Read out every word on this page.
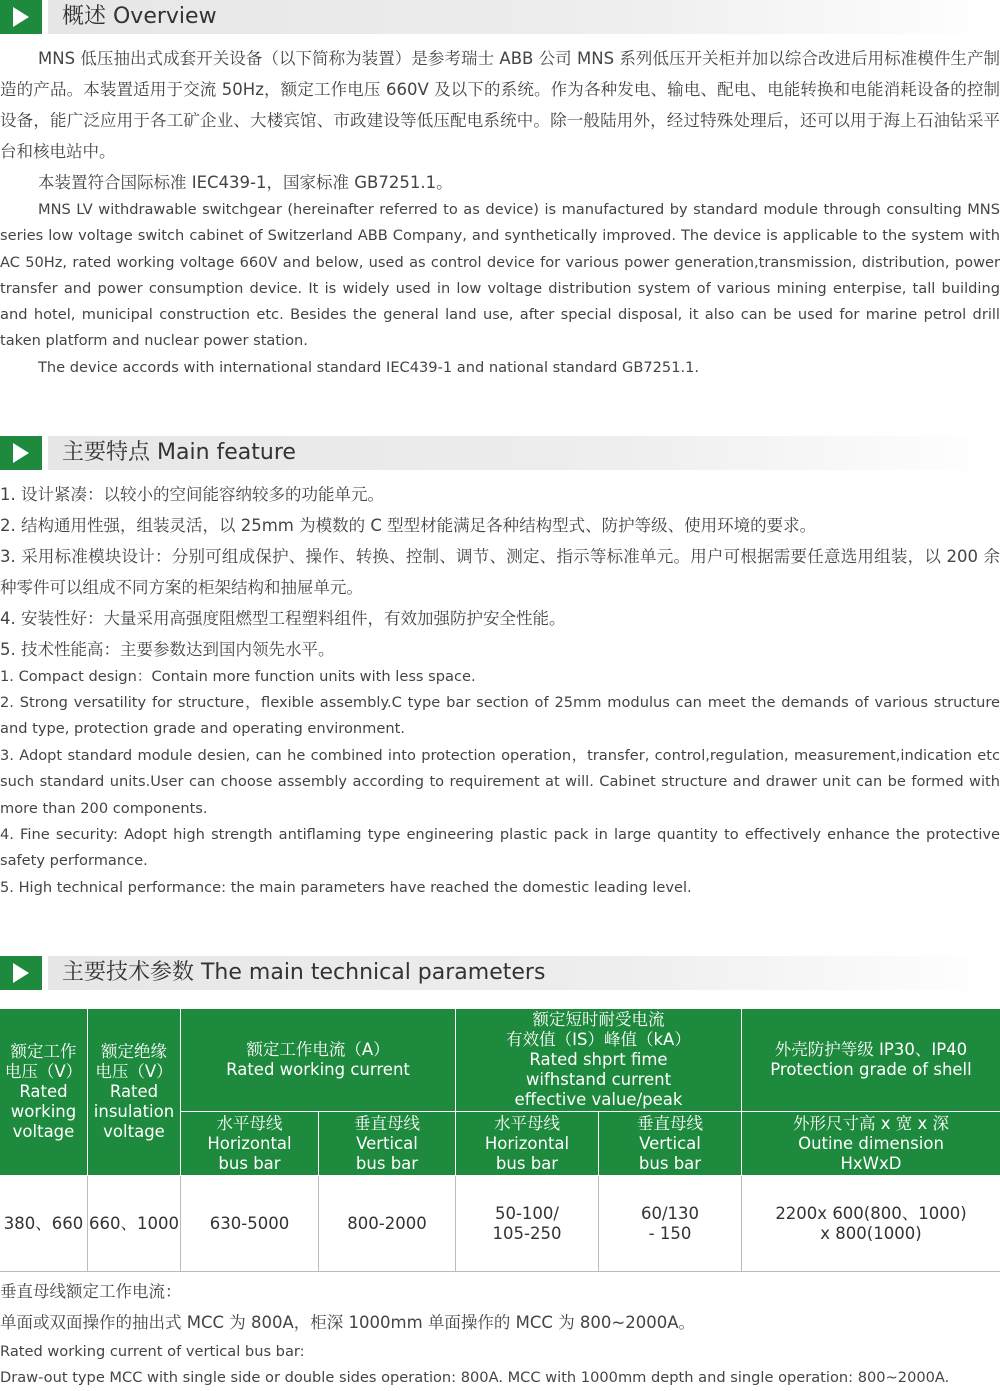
概述 Overview

MNS 低压抽出式成套开关设备（以下简称为装置）是参考瑞士 ABB 公司 MNS 系列低压开关柜并加以综合改进后用标准模件生产制造的产品。本装置适用于交流 50Hz，额定工作电压 660V 及以下的系统。作为各种发电、输电、配电、电能转换和电能消耗设备的控制设备，能广泛应用于各工矿企业、大楼宾馆、市政建设等低压配电系统中。除一般陆用外，经过特殊处理后，还可以用于海上石油钻采平台和核电站中。

本装置符合国际标准 IEC439-1，国家标准 GB7251.1。

MNS LV withdrawable switchgear (hereinafter referred to as device) is manufactured by standard module through consulting MNS series low voltage switch cabinet of Switzerland ABB Company, and synthetically improved. The device is applicable to the system with AC 50Hz, rated working voltage 660V and below, used as control device for various power generation,transmission, distribution, power transfer and power consumption device. It is widely used in low voltage distribution system of various mining enterpise, tall building and hotel, municipal construction etc. Besides the general land use, after special disposal, it also can be used for marine petrol drill taken platform and nuclear power station.

The device accords with international standard IEC439-1 and national standard GB7251.1.

主要特点 Main feature

1. 设计紧凑：以较小的空间能容纳较多的功能单元。

2. 结构通用性强，组装灵活，以 25mm 为模数的 C 型型材能满足各种结构型式、防护等级、使用环境的要求。

3. 采用标准模块设计：分别可组成保护、操作、转换、控制、调节、测定、指示等标准单元。用户可根据需要任意选用组装，以 200 余种零件可以组成不同方案的柜架结构和抽屉单元。

4. 安装性好：大量采用高强度阻燃型工程塑料组件，有效加强防护安全性能。

5. 技术性能高：主要参数达到国内领先水平。

1. Compact design：Contain more function units with less space.

2. Strong versatility for structure，flexible assembly.C type bar section of 25mm modulus can meet the demands of various structure and type, protection grade and operating environment.

3. Adopt standard module desien, can he combined into protection operation，transfer, control,regulation, measurement,indication etc such standard units.User can choose assembly according to requirement at will. Cabinet structure and drawer unit can be formed with more than 200 components.

4. Fine security: Adopt high strength antiflaming type engineering plastic pack in large quantity to effectively enhance the protective safety performance.

5. High technical performance: the main parameters have reached the domestic leading level.

主要技术参数 The main technical parameters
额定工作
电压（V）
Rated
working
voltage
额定绝缘
电压（V）
Rated
insulation
voltage
额定工作电流（A）
Rated working current
额定短时耐受电流
有效值（IS）峰值（kA）
Rated shprt fime
wifhstand current
effective value/peak
外壳防护等级 IP30、IP40
Protection grade of shell
水平母线
Horizontal
bus bar
垂直母线
Vertical
bus bar
水平母线
Horizontal
bus bar
垂直母线
Vertical
bus bar
外形尺寸高 x 宽 x 深
Outine dimension
HxWxD
380、660 660、1000 630-5000	800-2000
50-100/
105-250
60/130
- 150
2200x 600(800、1000)
x 800(1000)

垂直母线额定工作电流：

单面或双面操作的抽出式 MCC 为 800A，柜深 1000mm 单面操作的 MCC 为 800~2000A。

Rated working current of vertical bus bar:

Draw-out type MCC with single side or double sides operation: 800A. MCC with 1000mm depth and single operation: 800~2000A.
